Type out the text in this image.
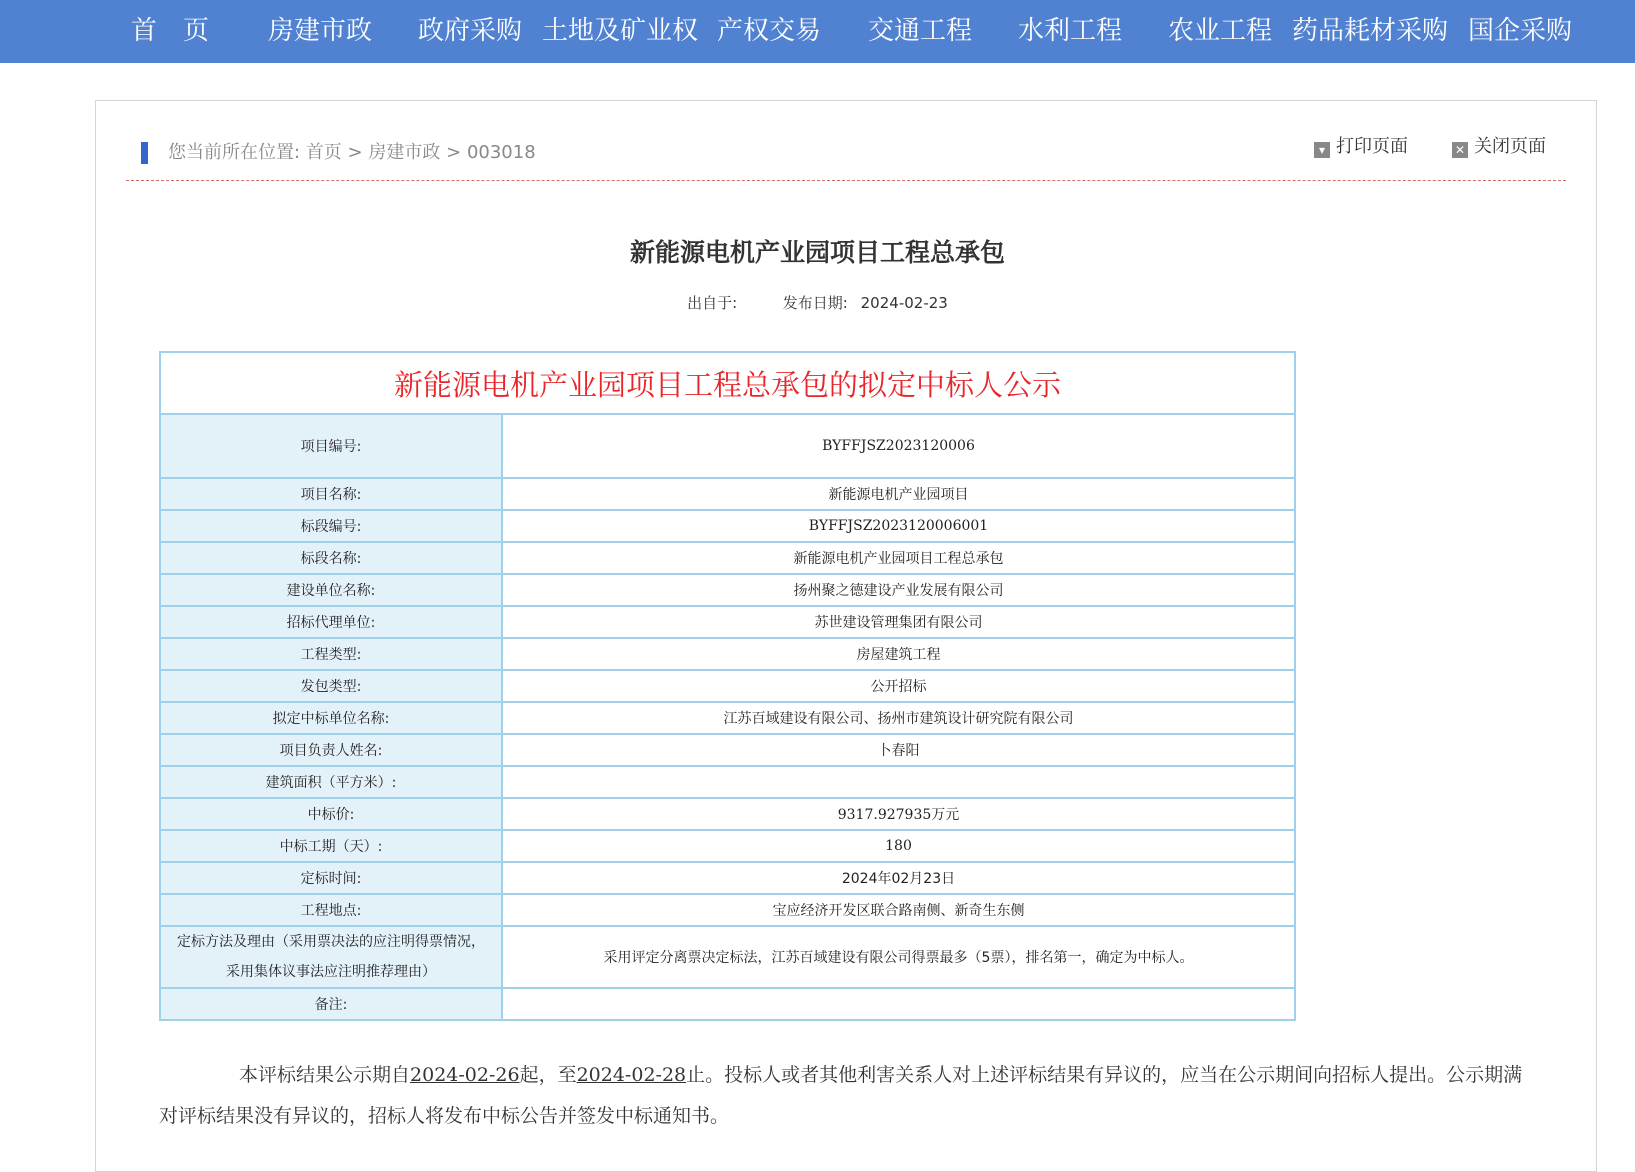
首　页 房建市政 政府采购 土地及矿业权 产权交易 交通工程 水利工程 农业工程 药品耗材采购 国企采购
您当前所在位置: 首页 > 房建市政 > 003018	▾ 打印页面	✕ 关闭页面
新能源电机产业园项目工程总承包
出自于:	发布日期: 2024-02-23
新能源电机产业园项目工程总承包的拟定中标人公示	
项目编号:	BYFFJSZ2023120006
项目名称:	新能源电机产业园项目
标段编号:	BYFFJSZ2023120006001
标段名称:	新能源电机产业园项目工程总承包
建设单位名称:	扬州聚之德建设产业发展有限公司
招标代理单位:	苏世建设管理集团有限公司
工程类型:	房屋建筑工程
发包类型:	公开招标
拟定中标单位名称:	江苏百域建设有限公司、扬州市建筑设计研究院有限公司
项目负责人姓名:	卜春阳
建筑面积（平方米）:	
中标价:	9317.927935万元
中标工期（天）:	180
定标时间:	2024年02月23日
工程地点:	宝应经济开发区联合路南侧、新奇生东侧

定标方法及理由（采用票决法的应注明得票情况，
采用集体议事法应注明推荐理由）	采用评定分离票决定标法，江苏百域建设有限公司得票最多（5票），排名第一，确定为中标人。
备注:	
本评标结果公示期自2024-02-26起，至2024-02-28止。投标人或者其他利害关系人对上述评标结果有异议的，应当在公示期间向招标人提出。公示期满对评标结果没有异议的，招标人将发布中标公告并签发中标通知书。
